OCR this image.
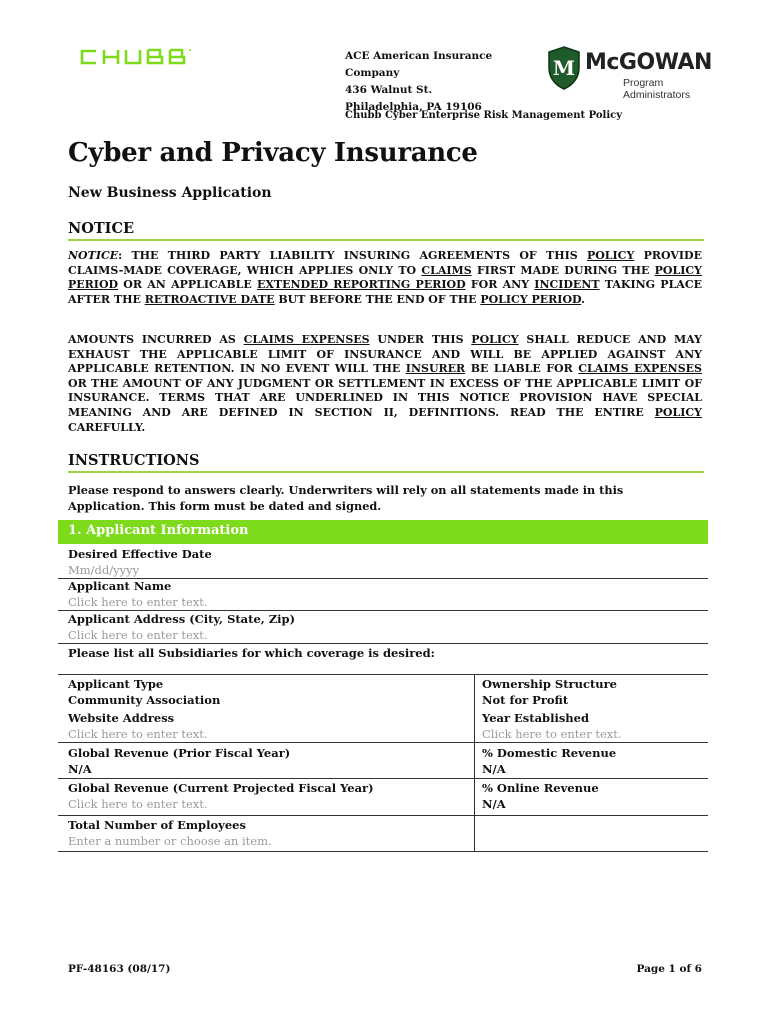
ACE American Insurance Company
436 Walnut St.
Philadelphia, PA 19106
Chubb Cyber Enterprise Risk Management Policy
M McGOWAN
Program Administrators
Cyber and Privacy Insurance
New Business Application
NOTICE
NOTICE: THE THIRD PARTY LIABILITY INSURING AGREEMENTS OF THIS POLICY PROVIDE CLAIMS-MADE COVERAGE, WHICH APPLIES ONLY TO CLAIMS FIRST MADE DURING THE POLICY PERIOD OR AN APPLICABLE EXTENDED REPORTING PERIOD FOR ANY INCIDENT TAKING PLACE AFTER THE RETROACTIVE DATE BUT BEFORE THE END OF THE POLICY PERIOD.
AMOUNTS INCURRED AS CLAIMS EXPENSES UNDER THIS POLICY SHALL REDUCE AND MAY EXHAUST THE APPLICABLE LIMIT OF INSURANCE AND WILL BE APPLIED AGAINST ANY APPLICABLE RETENTION. IN NO EVENT WILL THE INSURER BE LIABLE FOR CLAIMS EXPENSES OR THE AMOUNT OF ANY JUDGMENT OR SETTLEMENT IN EXCESS OF THE APPLICABLE LIMIT OF INSURANCE. TERMS THAT ARE UNDERLINED IN THIS NOTICE PROVISION HAVE SPECIAL MEANING AND ARE DEFINED IN SECTION II, DEFINITIONS. READ THE ENTIRE POLICY CAREFULLY.
INSTRUCTIONS
Please respond to answers clearly. Underwriters will rely on all statements made in this Application. This form must be dated and signed.
1. Applicant Information
Desired Effective Date
Mm/dd/yyyy
Applicant Name
Click here to enter text.
Applicant Address (City, State, Zip)
Click here to enter text.
Please list all Subsidiaries for which coverage is desired:
Applicant Type
Community Association
Ownership Structure
Not for Profit
Website Address
Click here to enter text.
Year Established
Click here to enter text.
Global Revenue (Prior Fiscal Year)
N/A
% Domestic Revenue
N/A
Global Revenue (Current Projected Fiscal Year)
Click here to enter text.
% Online Revenue
N/A
Total Number of Employees
Enter a number or choose an item.
PF-48163 (08/17)	Page 1 of 6
